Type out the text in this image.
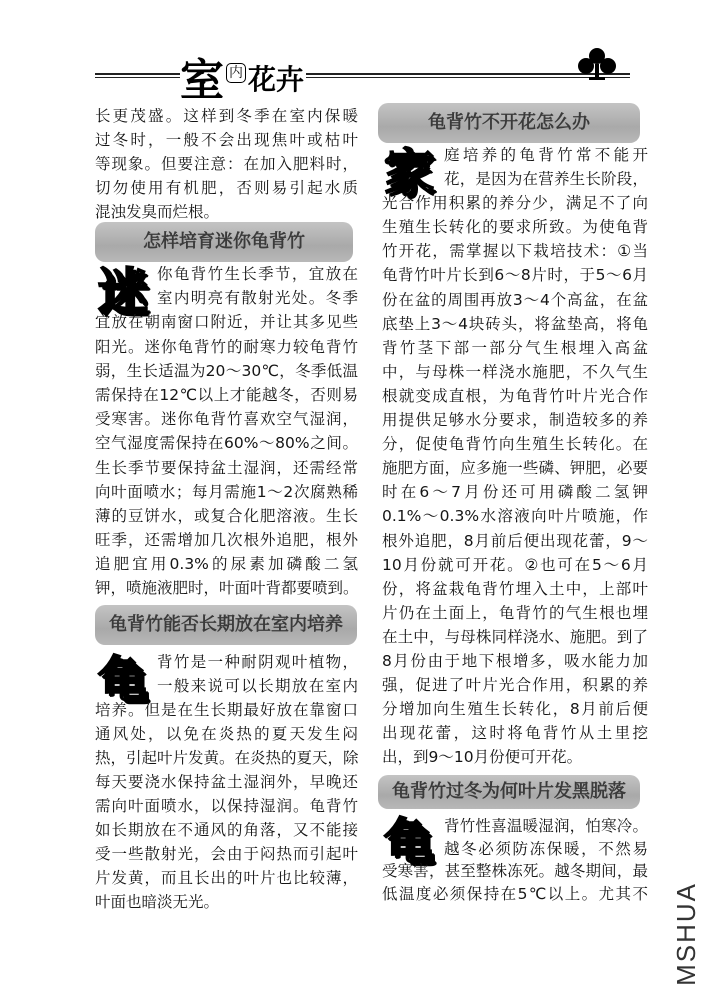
室 内 花卉
长更茂盛。这样到冬季在室内保暖
过冬时，一般不会出现焦叶或枯叶
等现象。但要注意：在加入肥料时，
切勿使用有机肥，否则易引起水质
混浊发臭而烂根。
怎样培育迷你龟背竹
迷 你龟背竹生长季节，宜放在
室内明亮有散射光处。冬季
宜放在朝南窗口附近，并让其多见些
阳光。迷你龟背竹的耐寒力较龟背竹
弱，生长适温为20～30℃，冬季低温
需保持在12℃以上才能越冬，否则易
受寒害。迷你龟背竹喜欢空气湿润，
空气湿度需保持在60%～80%之间。
生长季节要保持盆土湿润，还需经常
向叶面喷水；每月需施1～2次腐熟稀
薄的豆饼水，或复合化肥溶液。生长
旺季，还需增加几次根外追肥，根外
追肥宜用0.3%的尿素加磷酸二氢
钾，喷施液肥时，叶面叶背都要喷到。
龟背竹能否长期放在室内培养
龟 背竹是一种耐阴观叶植物，
一般来说可以长期放在室内
培养。但是在生长期最好放在靠窗口
通风处，以免在炎热的夏天发生闷
热，引起叶片发黄。在炎热的夏天，除
每天要浇水保持盆土湿润外，早晚还
需向叶面喷水，以保持湿润。龟背竹
如长期放在不通风的角落，又不能接
受一些散射光，会由于闷热而引起叶
片发黄，而且长出的叶片也比较薄，
叶面也暗淡无光。
龟背竹不开花怎么办
家 庭培养的龟背竹常不能开
花，是因为在营养生长阶段，
光合作用积累的养分少，满足不了向
生殖生长转化的要求所致。为使龟背
竹开花，需掌握以下栽培技术：①当
龟背竹叶片长到6～8片时，于5～6月
份在盆的周围再放3～4个高盆，在盆
底垫上3～4块砖头，将盆垫高，将龟
背竹茎下部一部分气生根埋入高盆
中，与母株一样浇水施肥，不久气生
根就变成直根，为龟背竹叶片光合作
用提供足够水分要求，制造较多的养
分，促使龟背竹向生殖生长转化。在
施肥方面，应多施一些磷、钾肥，必要
时在6～7月份还可用磷酸二氢钾
0.1%～0.3%水溶液向叶片喷施，作
根外追肥，8月前后便出现花蕾，9～
10月份就可开花。②也可在5～6月
份，将盆栽龟背竹埋入土中，上部叶
片仍在土面上，龟背竹的气生根也埋
在土中，与母株同样浇水、施肥。到了
8月份由于地下根增多，吸水能力加
强，促进了叶片光合作用，积累的养
分增加向生殖生长转化，8月前后便
出现花蕾，这时将龟背竹从土里挖
出，到9～10月份便可开花。
龟背竹过冬为何叶片发黑脱落
龟 背竹性喜温暖湿润，怕寒冷。
越冬必须防冻保暖，不然易
受寒害，甚至整株冻死。越冬期间，最
低温度必须保持在5℃以上。尤其不 MSHUA
